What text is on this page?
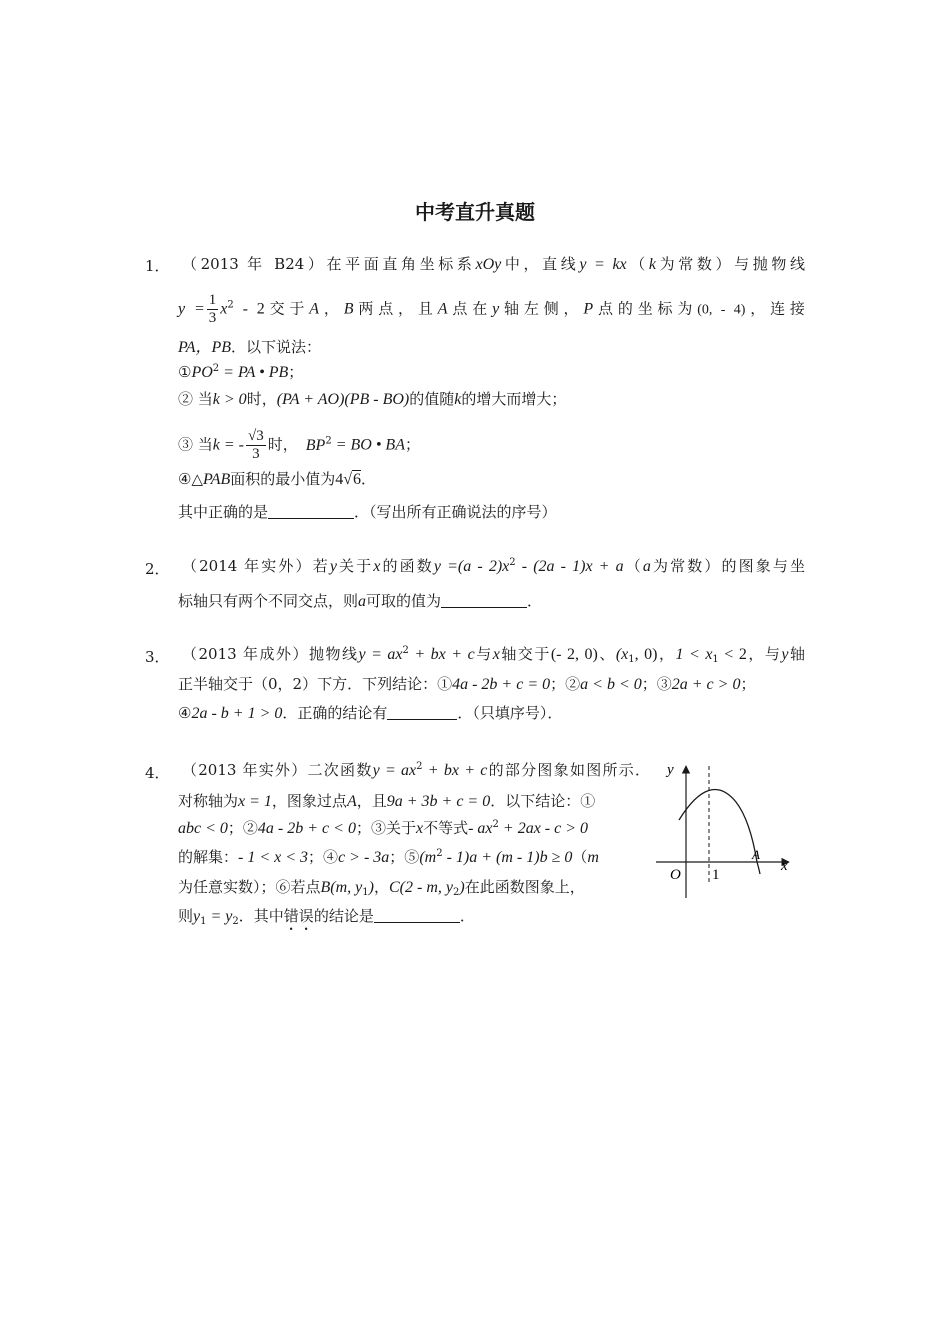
中考直升真题
1． （2013 年 B24）在平面直角坐标系xOy中，直线y = kx（k为常数）与抛物线
$y = \frac{1}{3} x^2 - 2$交于A，B两点，且A点在y轴左侧，P点的坐标为(0, - 4)，连接
PA，PB．以下说法：
$①PO^2$ = PA • PB；
② 当k > 0时，(PA + AO)(PB - BO)的值随k的增大而增大；
③ 当k = - $\frac{√3}{3}$ 时， $BP^2$ = BO • BA；
④△PAB面积的最小值为4√6．
其中正确的是	．（写出所有正确说法的序号）
2． （2014 年实外）若y关于x的函数$y =(a - 2)x^2 - (2a - 1)x + a(a$为常数）的图象与坐
标轴只有两个不同交点，则a可取的值为	．
3． （2013 年成外）抛物线$y = ax^2$ + bx + c与x轴交于(- 2, 0)、($x_1$, 0)，$1 < x_1 < 2$，与y轴
正半轴交于（0，2）下方．下列结论：①4a - 2b + c = 0；②a < b < 0；③2a + c > 0；
④2a - b + 1 > 0．正确的结论有	．（只填序号）．
4． （2013 年实外）二次函数$y = ax^2$ + bx + c的部分图象如图所示．
对称轴为x = 1，图象过点A，且9a + 3b + c = 0．以下结论：①
abc < 0；②4a - 2b + c < 0；③关于x不等式- $ax^2 + 2ax - c > 0$
的解集：- 1 < x < 3；④c > - 3a；$⑤(m^2 - 1)a + (m - 1)b \ge 0(m$
为任意实数）；⑥若点B(m, $y_1$)，C(2 - m, $y_2$)在此函数图象上，
则$y_1 = y_2$．其中错误的结论是	．
y
x
O 1
A
